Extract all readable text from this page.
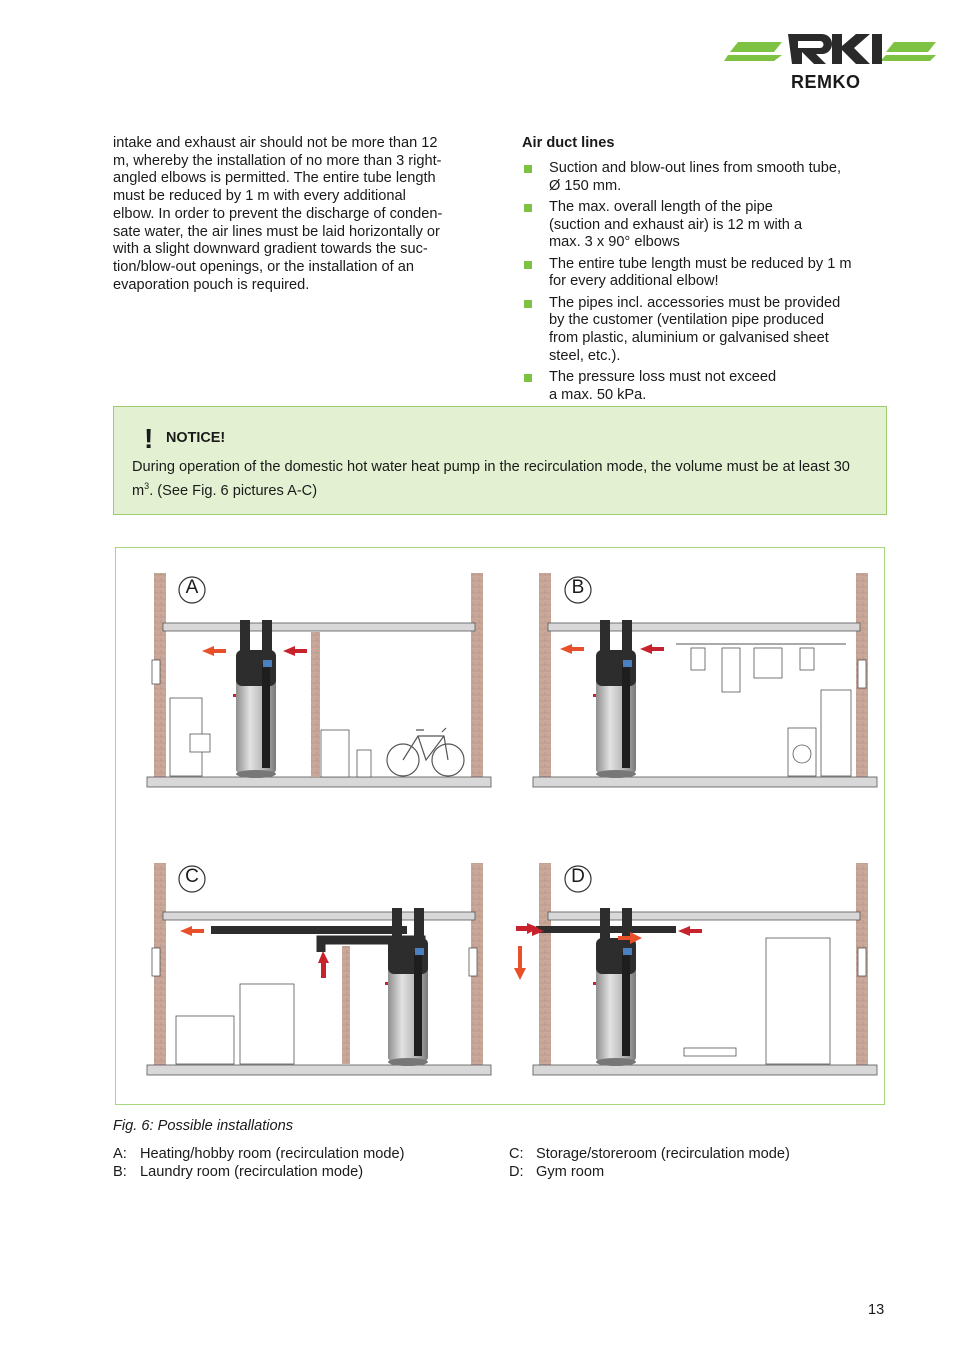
REMKO
intake and exhaust air should not be more than 12
m, whereby the installation of no more than 3 right-
angled elbows is permitted. The entire tube length
must be reduced by 1 m with every additional
elbow. In order to prevent the discharge of conden-
sate water, the air lines must be laid horizontally or
with a slight downward gradient towards the suc-
tion/blow-out openings, or the installation of an
evaporation pouch is required.
Air duct lines
Suction and blow-out lines from smooth tube,
Ø 150 mm.
The max. overall length of the pipe
(suction and exhaust air) is 12 m with a
max. 3 x 90° elbows
The entire tube length must be reduced by 1 m
for every additional elbow!
The pipes incl. accessories must be provided
by the customer (ventilation pipe produced
from plastic, aluminium or galvanised sheet
steel, etc.).
The pressure loss must not exceed
a max. 50 kPa.
! NOTICE!
During operation of the domestic hot water heat pump in the recirculation mode, the volume must be at least 30 $m^3$. (See Fig. 6 pictures A-C)
A	B
C	D
Fig. 6: Possible installations
A: Heating/hobby room (recirculation mode)
B: Laundry room (recirculation mode)
C: Storage/storeroom (recirculation mode)
D: Gym room
13
